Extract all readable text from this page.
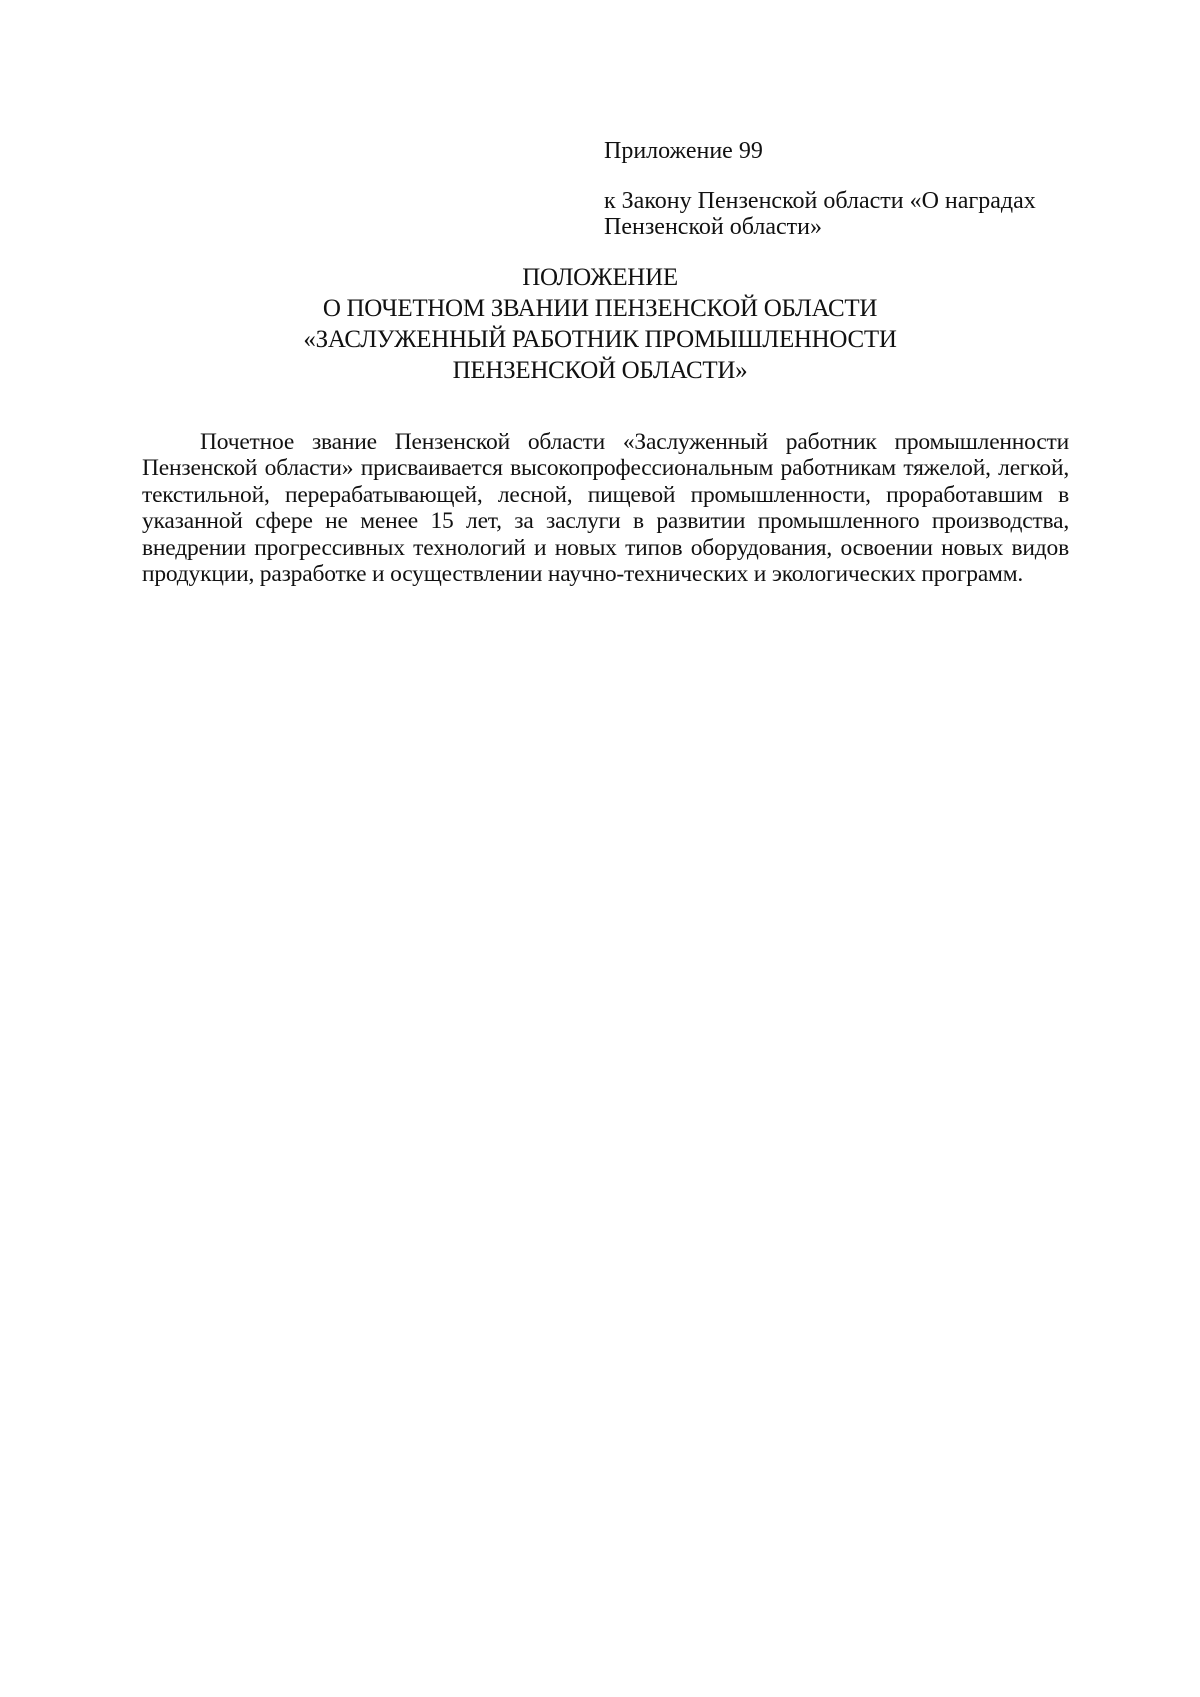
Приложение 99
к Закону Пензенской области «О наградах
Пензенской области»
ПОЛОЖЕНИЕ
О ПОЧЕТНОМ ЗВАНИИ ПЕНЗЕНСКОЙ ОБЛАСТИ
«ЗАСЛУЖЕННЫЙ РАБОТНИК ПРОМЫШЛЕННОСТИ
ПЕНЗЕНСКОЙ ОБЛАСТИ»

Почетное звание Пензенской области «Заслуженный работник промышленности Пензенской области» присваивается высокопрофессиональным работникам тяжелой, легкой, текстильной, перерабатывающей, лесной, пищевой промышленности, проработавшим в указанной сфере не менее 15 лет, за заслуги в развитии промышленного производства, внедрении прогрессивных технологий и новых типов оборудования, освоении новых видов продукции, разработке и осуществлении научно-технических и экологических программ.
